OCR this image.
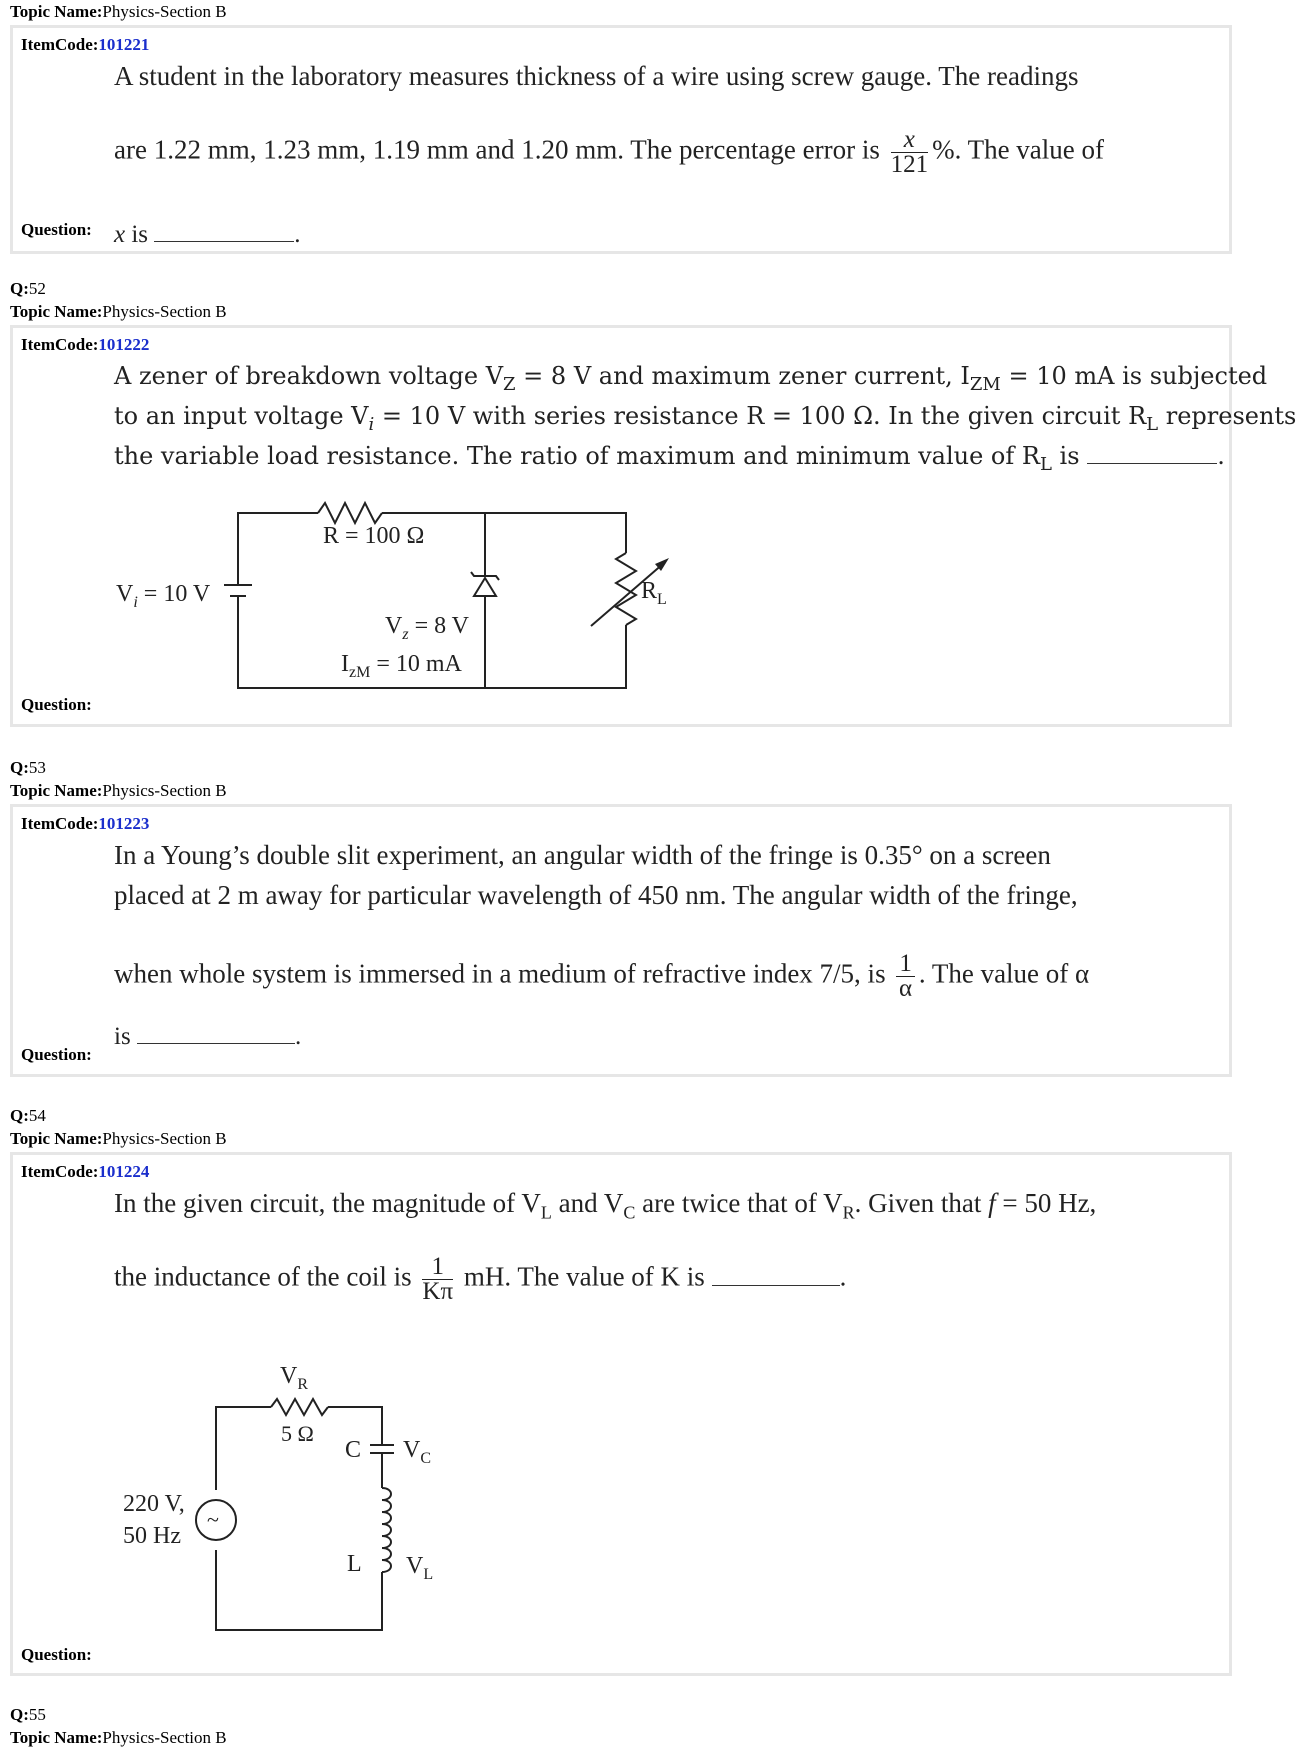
Topic Name:Physics-Section B
ItemCode:101221
A student in the laboratory measures thickness of a wire using screw gauge. The readings
are 1.22 mm, 1.23 mm, 1.19 mm and 1.20 mm. The percentage error is $\frac{x}{121}$ %. The value of
x is	.
Question:
Q:52
Topic Name:Physics-Section B
ItemCode:101222
A zener of breakdown voltage $V_Z = 8$ V and maximum zener current, $I_{ZM} = 10$ mA is subjected
to an input voltage $V_i = 10$ V with series resistance R = 100 Ω. In the given circuit $R_L$ represents
the variable load resistance. The ratio of maximum and minimum value of $R_L$ is	.
R = 100 Ω
$V_i = 10$ V
$V_z = 8$ V
$I_{zM} = 10$ mA
$R_L$
Question:
Q:53
Topic Name:Physics-Section B
ItemCode:101223
In a Young’s double slit experiment, an angular width of the fringe is 0.35° on a screen
placed at 2 m away for particular wavelength of 450 nm. The angular width of the fringe,
when whole system is immersed in a medium of refractive index 7/5, is $\frac{1}{\alpha}$ . The value of α
is	.
Question:
Q:54
Topic Name:Physics-Section B
ItemCode:101224
In the given circuit, the magnitude of $V_L$ and $V_C$ are twice that of $V_R$. Given that f = 50 Hz,
the inductance of the coil is $\frac{1}{K\pi}$ mH. The value of K is	.
~
$V_R$
5 Ω
C $V_C$
L $V_L$
220 V,
50 Hz
Question:
Q:55
Topic Name:Physics-Section B
